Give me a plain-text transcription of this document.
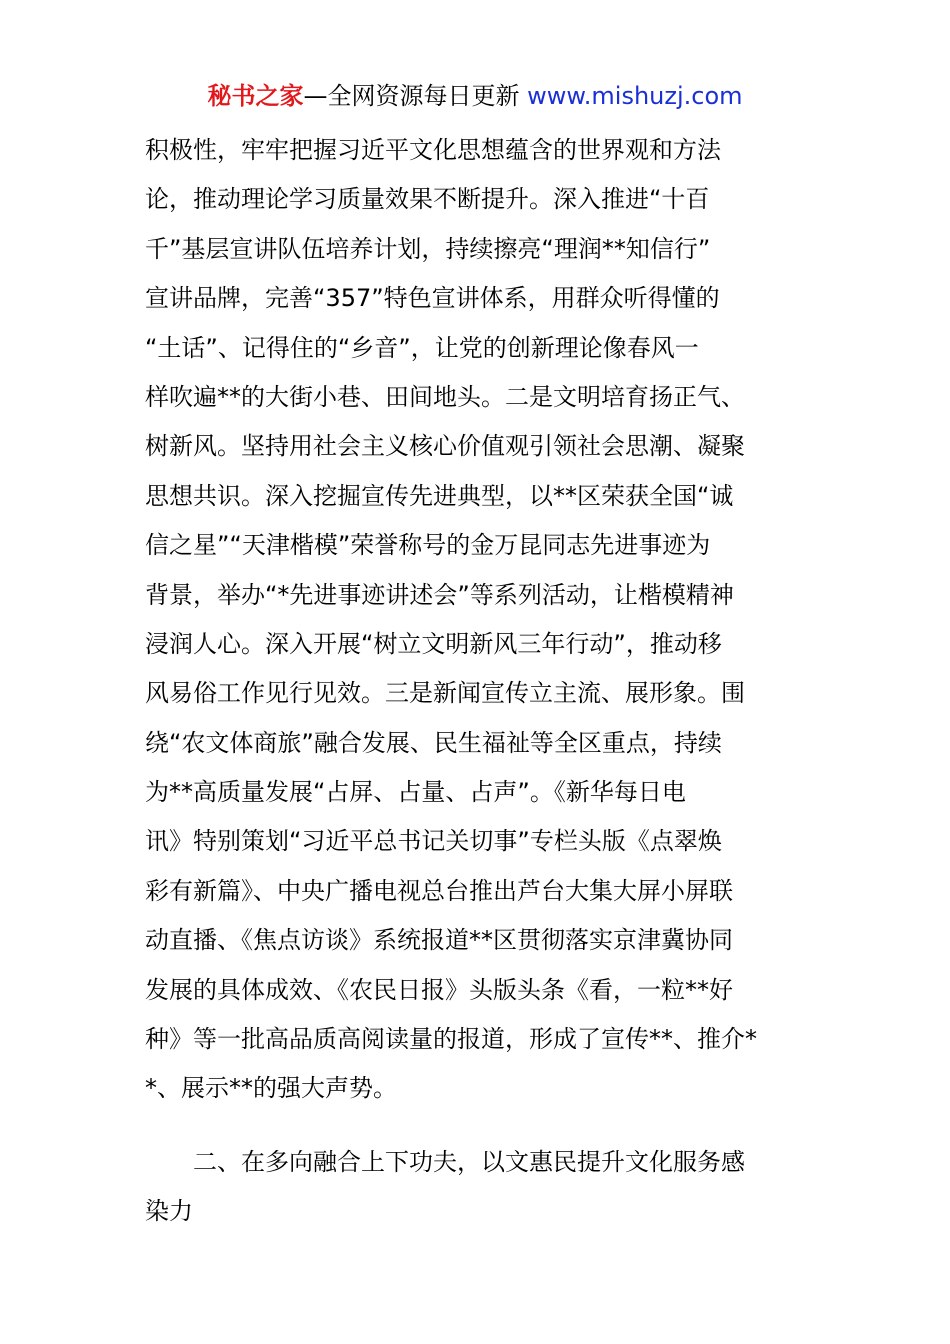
秘书之家—全网资源每日更新 www.mishuzj.com
积极性，牢牢把握习近平文化思想蕴含的世界观和方法
论，推动理论学习质量效果不断提升。深入推进“十百
千”基层宣讲队伍培养计划，持续擦亮“理润**知信行”
宣讲品牌，完善“357”特色宣讲体系，用群众听得懂的
“土话”、记得住的“乡音”，让党的创新理论像春风一
样吹遍**的大街小巷、田间地头。二是文明培育扬正气、
树新风。坚持用社会主义核心价值观引领社会思潮、凝聚
思想共识。深入挖掘宣传先进典型，以**区荣获全国“诚
信之星”“天津楷模”荣誉称号的金万昆同志先进事迹为
背景，举办“*先进事迹讲述会”等系列活动，让楷模精神
浸润人心。深入开展“树立文明新风三年行动”，推动移
风易俗工作见行见效。三是新闻宣传立主流、展形象。围
绕“农文体商旅”融合发展、民生福祉等全区重点，持续
为**高质量发展“占屏、占量、占声”。《新华每日电
讯》特别策划“习近平总书记关切事”专栏头版《点翠焕
彩有新篇》、中央广播电视总台推出芦台大集大屏小屏联
动直播、《焦点访谈》系统报道**区贯彻落实京津冀协同
发展的具体成效、《农民日报》头版头条《看，一粒**好
种》等一批高品质高阅读量的报道，形成了宣传**、推介*
*、展示**的强大声势。
二、在多向融合上下功夫，以文惠民提升文化服务感
染力
